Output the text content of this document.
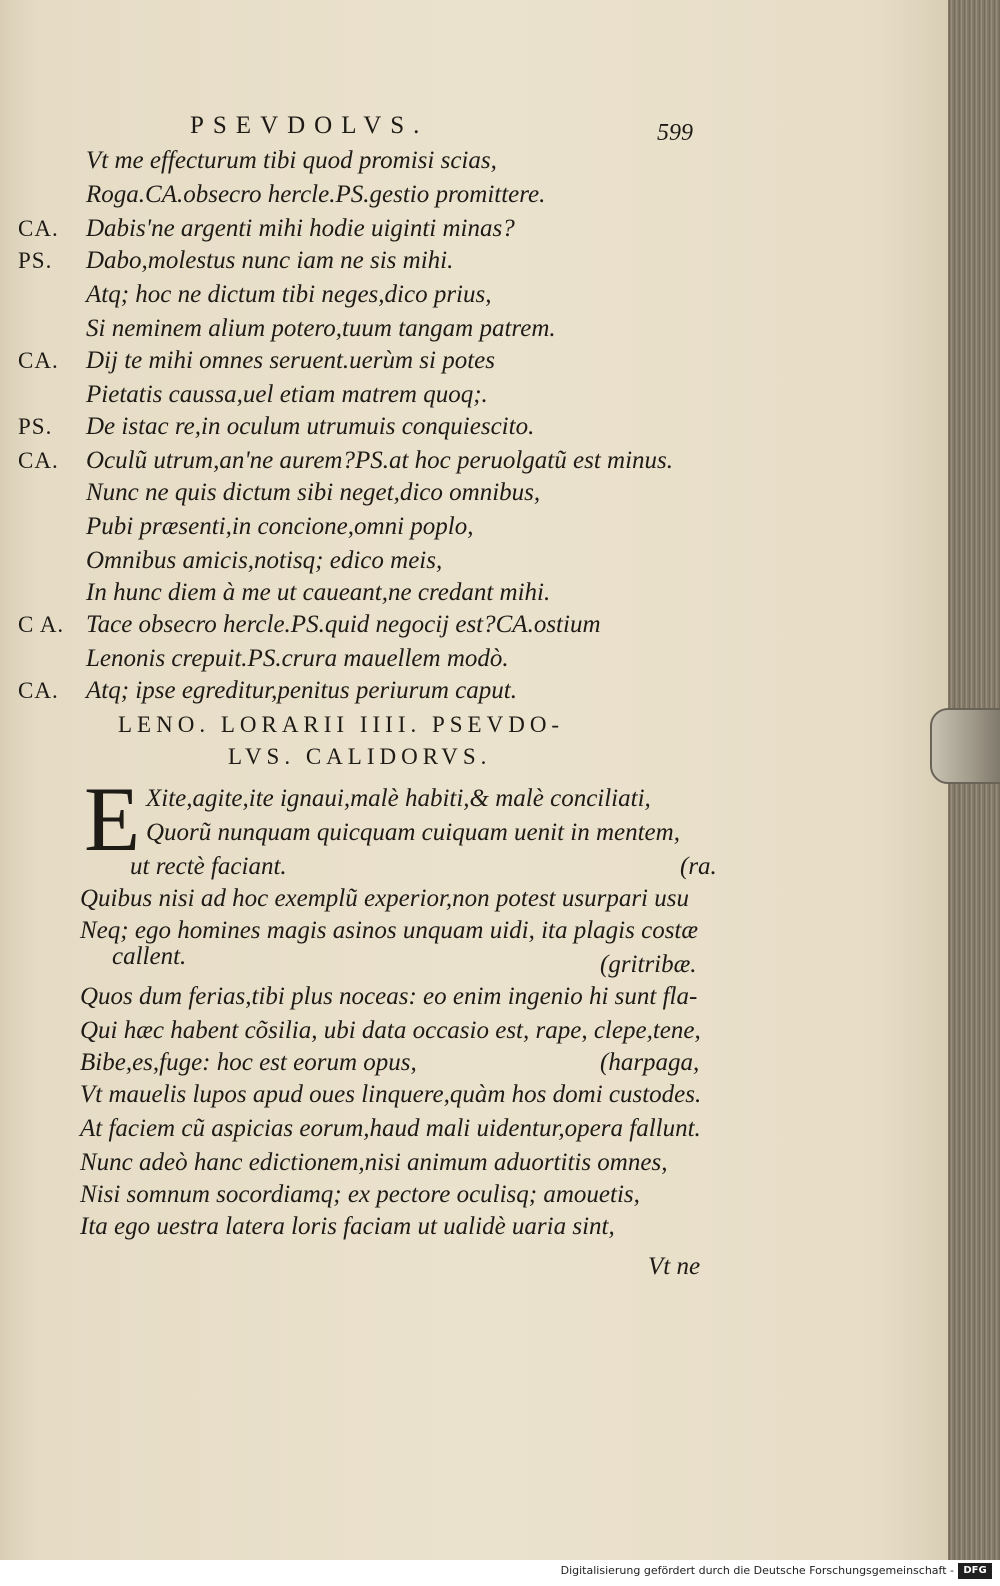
PSEVDOLVS.	599
Vt me effecturum tibi quod promisi scias,
Roga.CA.obsecro hercle.PS.gestio promittere.
CA. Dabis'ne argenti mihi hodie uiginti minas?
PS. Dabo,molestus nunc iam ne sis mihi.
Atq; hoc ne dictum tibi neges,dico prius,
Si neminem alium potero,tuum tangam patrem.
CA. Dij te mihi omnes seruent.uerùm si potes
Pietatis caussa,uel etiam matrem quoq;.
PS. De istac re,in oculum utrumuis conquiescito.
CA. Oculũ utrum,an'ne aurem?PS.at hoc peruolgatũ est minus.
Nunc ne quis dictum sibi neget,dico omnibus,
Pubi præsenti,in concione,omni poplo,
Omnibus amicis,notisq; edico meis,
In hunc diem à me ut caueant,ne credant mihi.
C A. Tace obsecro hercle.PS.quid negocij est?CA.ostium
Lenonis crepuit.PS.crura mauellem modò.
CA. Atq; ipse egreditur,penitus periurum caput.
LENO. LORARII IIII. PSEVDO-
LVS. CALIDORVS.
E Xite,agite,ite ignaui,malè habiti,& malè conciliati,
Quorũ nunquam quicquam cuiquam uenit in mentem,
ut rectè faciant.	(ra.
Quibus nisi ad hoc exemplũ experior,non potest usurpari usu
Neq; ego homines magis asinos unquam uidi, ita plagis costæ
callent.	(gritribæ.
Quos dum ferias,tibi plus noceas: eo enim ingenio hi sunt fla-
Qui hæc habent cõsilia, ubi data occasio est, rape, clepe,tene,
Bibe,es,fuge: hoc est eorum opus,	(harpaga,
Vt mauelis lupos apud oues linquere,quàm hos domi custodes.
At faciem cũ aspicias eorum,haud mali uidentur,opera fallunt.
Nunc adeò hanc edictionem,nisi animum aduortitis omnes,
Nisi somnum socordiamq; ex pectore oculisq; amouetis,
Ita ego uestra latera loris faciam ut ualidè uaria sint,
Vt ne
Digitalisierung gefördert durch die Deutsche Forschungsgemeinschaft - DFG
